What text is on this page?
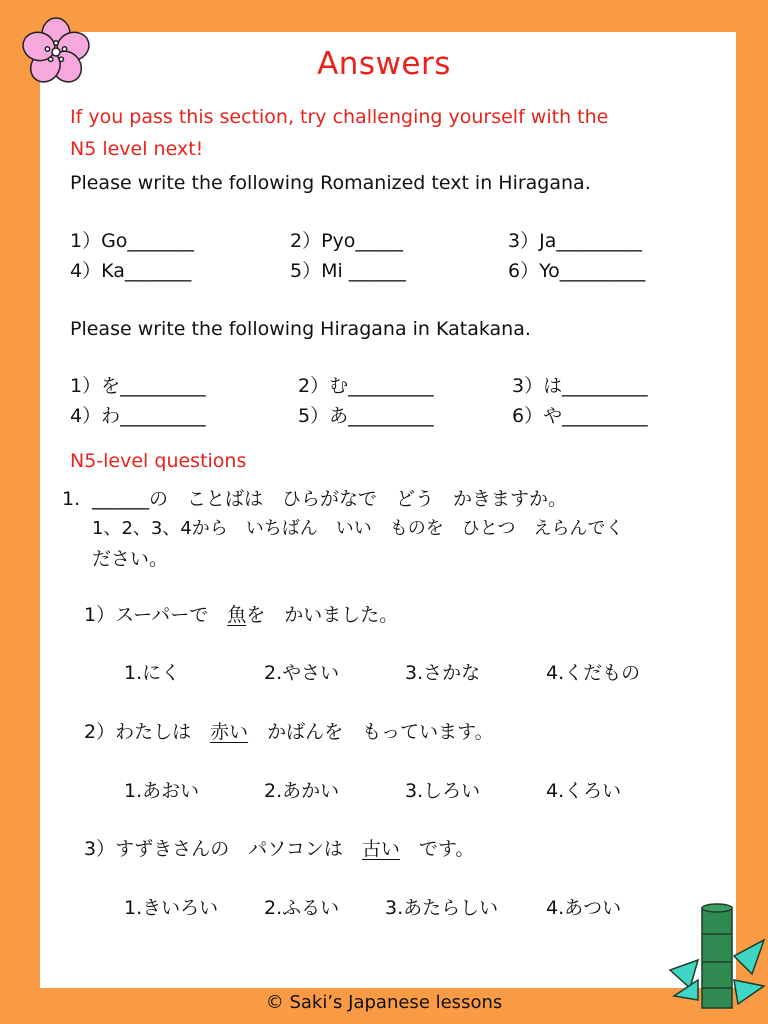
Answers
If you pass this section, try challenging yourself with the
N5 level next!
Please write the following Romanized text in Hiragana.
1）Go_______	2）Pyo_____	3）Ja_________
4）Ka_______	5）Mi ______	6）Yo_________
Please write the following Hiragana in Katakana.
1）を_________	2）む_________	3）は_________
4）わ_________	5）あ_________	6）や_________
N5-level questions
1. ______の　ことばは　ひらがなで　どう　かきますか。
1、2、3、4から　いちばん　いい　ものを　ひとつ　えらんでく
ださい。
1）スーパーで　魚を　かいました。
1.にく	2.やさい	3.さかな	4.くだもの
2）わたしは　赤い　かばんを　もっています。
1.あおい	2.あかい	3.しろい	4.くろい
3）すずきさんの　パソコンは　古い　です。
1.きいろい 2.ふるい 3.あたらしい	4.あつい
© Saki’s Japanese lessons
